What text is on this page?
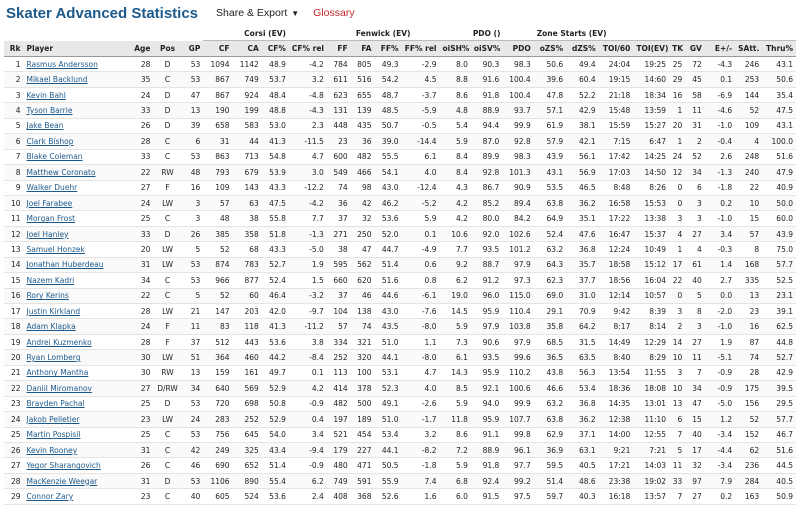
Skater Advanced Statistics Share & Export ▼ Glossary
					Corsi (EV)				Fenwick (EV)				PDO ()			Zone Starts (EV)								
Rk	Player	Age	Pos	GP	CF	CA	CF%	CF% rel	FF	FA	FF%	FF% rel	oiSH%	oiSV%	PDO	oZS%	dZS%	TOI/60	TOI(EV)	TK	GV	E+/-	SAtt.	Thru%
1	Rasmus Andersson	28	D	53	1094	1142	48.9	-4.2	784	805	49.3	-2.9	8.0	90.3	98.3	50.6	49.4	24:04	19:25	25	72	-4.3	246	43.1
2	Mikael Backlund	35	C	53	867	749	53.7	3.2	611	516	54.2	4.5	8.8	91.6	100.4	39.6	60.4	19:15	14:60	29	45	0.1	253	50.6
3	Kevin Bahl	24	D	47	867	924	48.4	-4.8	623	655	48.7	-3.7	8.6	91.8	100.4	47.8	52.2	21:18	18:34	16	58	-6.9	144	35.4
4	Tyson Barrie	33	D	13	190	199	48.8	-4.3	131	139	48.5	-5.9	4.8	88.9	93.7	57.1	42.9	15:48	13:59	1	11	-4.6	52	47.5
5	Jake Bean	26	D	39	658	583	53.0	2.3	448	435	50.7	-0.5	5.4	94.4	99.9	61.9	38.1	15:59	15:27	20	31	-1.0	109	43.1
6	Clark Bishop	28	C	6	31	44	41.3	-11.5	23	36	39.0	-14.4	5.9	87.0	92.8	57.9	42.1	7:15	6:47	1	2	-0.4	4	100.0
7	Blake Coleman	33	C	53	863	713	54.8	4.7	600	482	55.5	6.1	8.4	89.9	98.3	43.9	56.1	17:42	14:25	24	52	2.6	248	51.6
8	Matthew Coronato	22	RW	48	793	679	53.9	3.0	549	466	54.1	4.0	8.4	92.8	101.3	43.1	56.9	17:03	14:50	12	34	-1.3	240	47.9
9	Walker Duehr	27	F	16	109	143	43.3	-12.2	74	98	43.0	-12.4	4.3	86.7	90.9	53.5	46.5	8:48	8:26	0	6	-1.8	22	40.9
10	Joel Farabee	24	LW	3	57	63	47.5	-4.2	36	42	46.2	-5.2	4.2	85.2	89.4	63.8	36.2	16:58	15:53	0	3	0.2	10	50.0
11	Morgan Frost	25	C	3	48	38	55.8	7.7	37	32	53.6	5.9	4.2	80.0	84.2	64.9	35.1	17:22	13:38	3	3	-1.0	15	60.0
12	Joel Hanley	33	D	26	385	358	51.8	-1.3	271	250	52.0	0.1	10.6	92.0	102.6	52.4	47.6	16:47	15:37	4	27	3.4	57	43.9
13	Samuel Honzek	20	LW	5	52	68	43.3	-5.0	38	47	44.7	-4.9	7.7	93.5	101.2	63.2	36.8	12:24	10:49	1	4	-0.3	8	75.0
14	Jonathan Huberdeau	31	LW	53	874	783	52.7	1.9	595	562	51.4	0.6	9.2	88.7	97.9	64.3	35.7	18:58	15:12	17	61	1.4	168	57.7
15	Nazem Kadri	34	C	53	966	877	52.4	1.5	660	620	51.6	0.8	6.2	91.2	97.3	62.3	37.7	18:56	16:04	22	40	2.7	335	52.5
16	Rory Kerins	22	C	5	52	60	46.4	-3.2	37	46	44.6	-6.1	19.0	96.0	115.0	69.0	31.0	12:14	10:57	0	5	0.0	13	23.1
17	Justin Kirkland	28	LW	21	147	203	42.0	-9.7	104	138	43.0	-7.6	14.5	95.9	110.4	29.1	70.9	9:42	8:39	3	8	-2.0	23	39.1
18	Adam Klapka	24	F	11	83	118	41.3	-11.2	57	74	43.5	-8.0	5.9	97.9	103.8	35.8	64.2	8:17	8:14	2	3	-1.0	16	62.5
19	Andrei Kuzmenko	28	F	37	512	443	53.6	3.8	334	321	51.0	1.1	7.3	90.6	97.9	68.5	31.5	14:49	12:29	14	27	1.9	87	44.8
20	Ryan Lomberg	30	LW	51	364	460	44.2	-8.4	252	320	44.1	-8.0	6.1	93.5	99.6	36.5	63.5	8:40	8:29	10	11	-5.1	74	52.7
21	Anthony Mantha	30	RW	13	159	161	49.7	0.1	113	100	53.1	4.7	14.3	95.9	110.2	43.8	56.3	13:54	11:55	3	7	-0.9	28	42.9
22	Daniil Miromanov	27	D/RW	34	640	569	52.9	4.2	414	378	52.3	4.0	8.5	92.1	100.6	46.6	53.4	18:36	18:08	10	34	-0.9	175	39.5
23	Brayden Pachal	25	D	53	720	698	50.8	-0.9	482	500	49.1	-2.6	5.9	94.0	99.9	63.2	36.8	14:35	13:01	13	47	-5.0	156	29.5
24	Jakob Pelletier	23	LW	24	283	252	52.9	0.4	197	189	51.0	-1.7	11.8	95.9	107.7	63.8	36.2	12:38	11:10	6	15	1.2	52	57.7
25	Martin Pospisil	25	C	53	756	645	54.0	3.4	521	454	53.4	3.2	8.6	91.1	99.8	62.9	37.1	14:00	12:55	7	40	-3.4	152	46.7
26	Kevin Rooney	31	C	42	249	325	43.4	-9.4	179	227	44.1	-8.2	7.2	88.9	96.1	36.9	63.1	9:21	7:21	5	17	-4.4	62	51.6
27	Yegor Sharangovich	26	C	46	690	652	51.4	-0.9	480	471	50.5	-1.8	5.9	91.8	97.7	59.5	40.5	17:21	14:03	11	32	-3.4	236	44.5
28	MacKenzie Weegar	31	D	53	1106	890	55.4	6.2	749	591	55.9	7.4	6.8	92.4	99.2	51.4	48.6	23:38	19:02	33	97	7.9	284	40.5
29	Connor Zary	23	C	40	605	524	53.6	2.4	408	368	52.6	1.6	6.0	91.5	97.5	59.7	40.3	16:18	13:57	7	27	0.2	163	50.9
